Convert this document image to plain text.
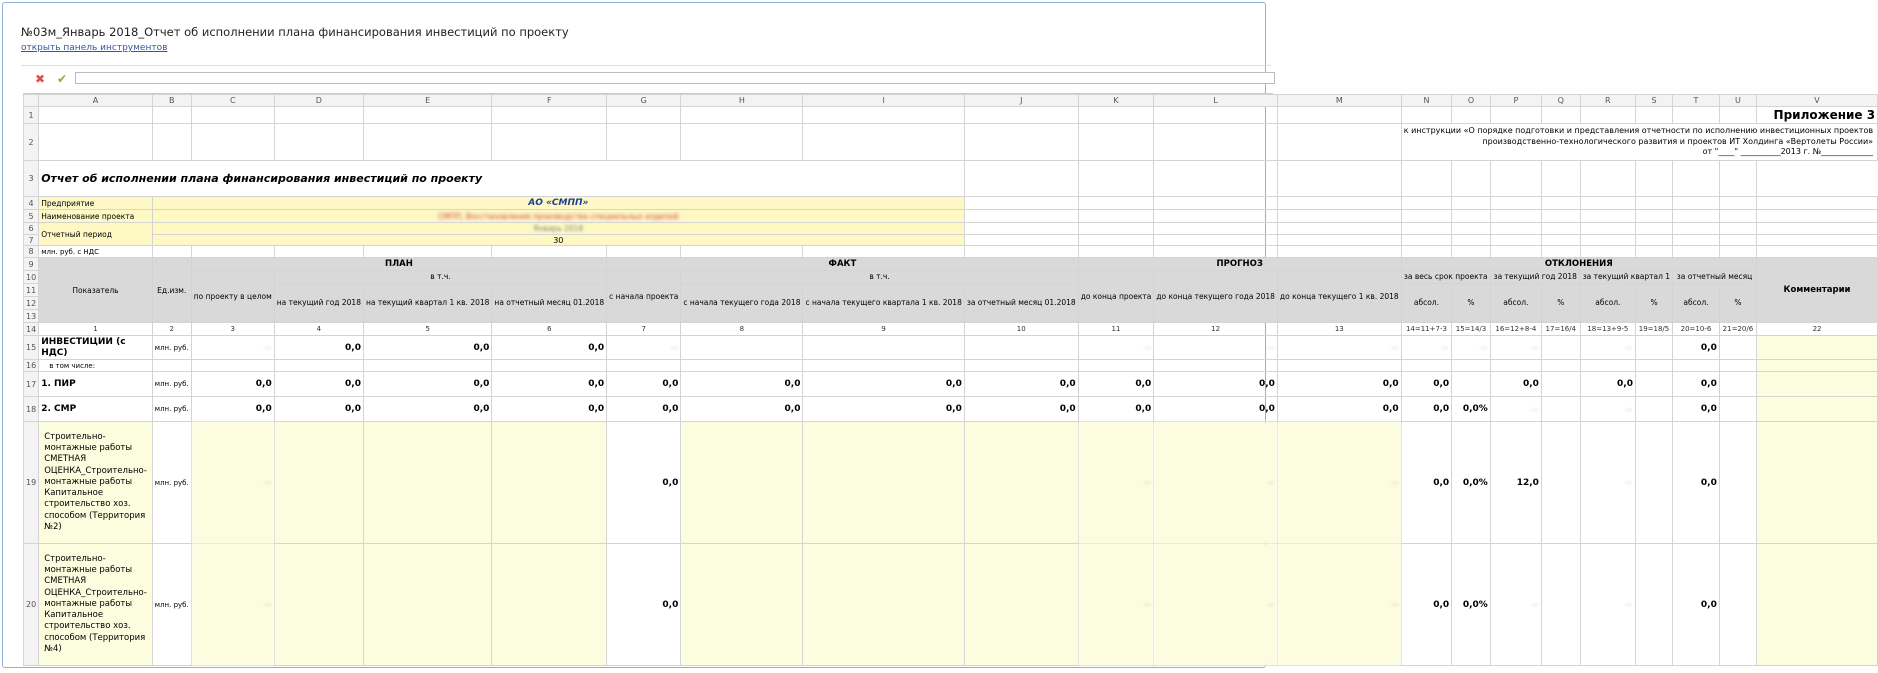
№03м_Январь 2018_Отчет об исполнении плана финансирования инвестиций по проекту
открыть панель инструментов
✖ ✔
	A	B	C	D	E	F	G	H	I	J	K	L	M	N	O	P	Q	R	S	T	U	V
1																						Приложение 3
2														к инструкции «О порядке подготовки и представления отчетности по исполнению инвестиционных проектов
производственно-технологического развития и проектов ИТ Холдинга «Вертолеты России»
от "____" __________2013 г. №_____________								

3	Отчет об исполнении плана финансирования инвестиций по проекту																					
4	Предприятие	АО «СМПП»																				
5	Наименование проекта	СМПП, Восстановление производства специальных изделий																				
6	Отчетный период	Январь 2018																				
7		30																				
8	млн. руб. с НДС																					
9	Показатель	Ед.изм.	ПЛАН				ФАКТ				ПРОГНОЗ			ОТКЛОНЕНИЯ								Комментарии
10			по проекту в целом	в т.ч.			с начала проекта	в т.ч.			до конца проекта	до конца текущего года 2018	до конца текущего 1 кв. 2018	за весь срок проекта		за текущий год 2018		за текущий квартал 1		за отчетный месяц		
11				на текущий год 2018	на текущий квартал 1 кв. 2018	на отчетный месяц 01.2018		с начала текущего года 2018	с начала текущего квартала 1 кв. 2018	за отчетный месяц 01.2018				абсол.	%	абсол.	%	абсол.	%	абсол.	%	
12																						
13																						
14	1	2	3	4	5	6	7	8	9	10	11	12	13	14=11+7-3	15=14/3	16=12+8-4	17=16/4	18=13+9-5	19=18/5	20=10-6	21=20/6	22
15	ИНВЕСТИЦИИ (с НДС)	млн. руб.	—	0,0	0,0	0,0	—				—	—	—	—	—	—		—		0,0		
16	в том числе:																					
17	1. ПИР	млн. руб.	0,0	0,0	0,0	0,0	0,0	0,0	0,0	0,0	0,0	0,0	0,0	0,0		0,0		0,0		0,0		
18	2. СМР	млн. руб.	0,0	0,0	0,0	0,0	0,0	0,0	0,0	0,0	0,0	0,0	0,0	0,0	0,0%	—		—		0,0		
19	Строительно-монтажные работы СМЕТНАЯ ОЦЕНКА_Строительно-монтажные работы Капитальное строительство хоз. способом (Территория №2)	млн. руб.	—				0,0				—	—	—	0,0	0,0%	12,0		—		0,0		
20	Строительно-монтажные работы СМЕТНАЯ ОЦЕНКА_Строительно-монтажные работы Капитальное строительство хоз. способом (Территория №4)	млн. руб.	—				0,0				—	—	—	0,0	0,0%	—		—		0,0		
